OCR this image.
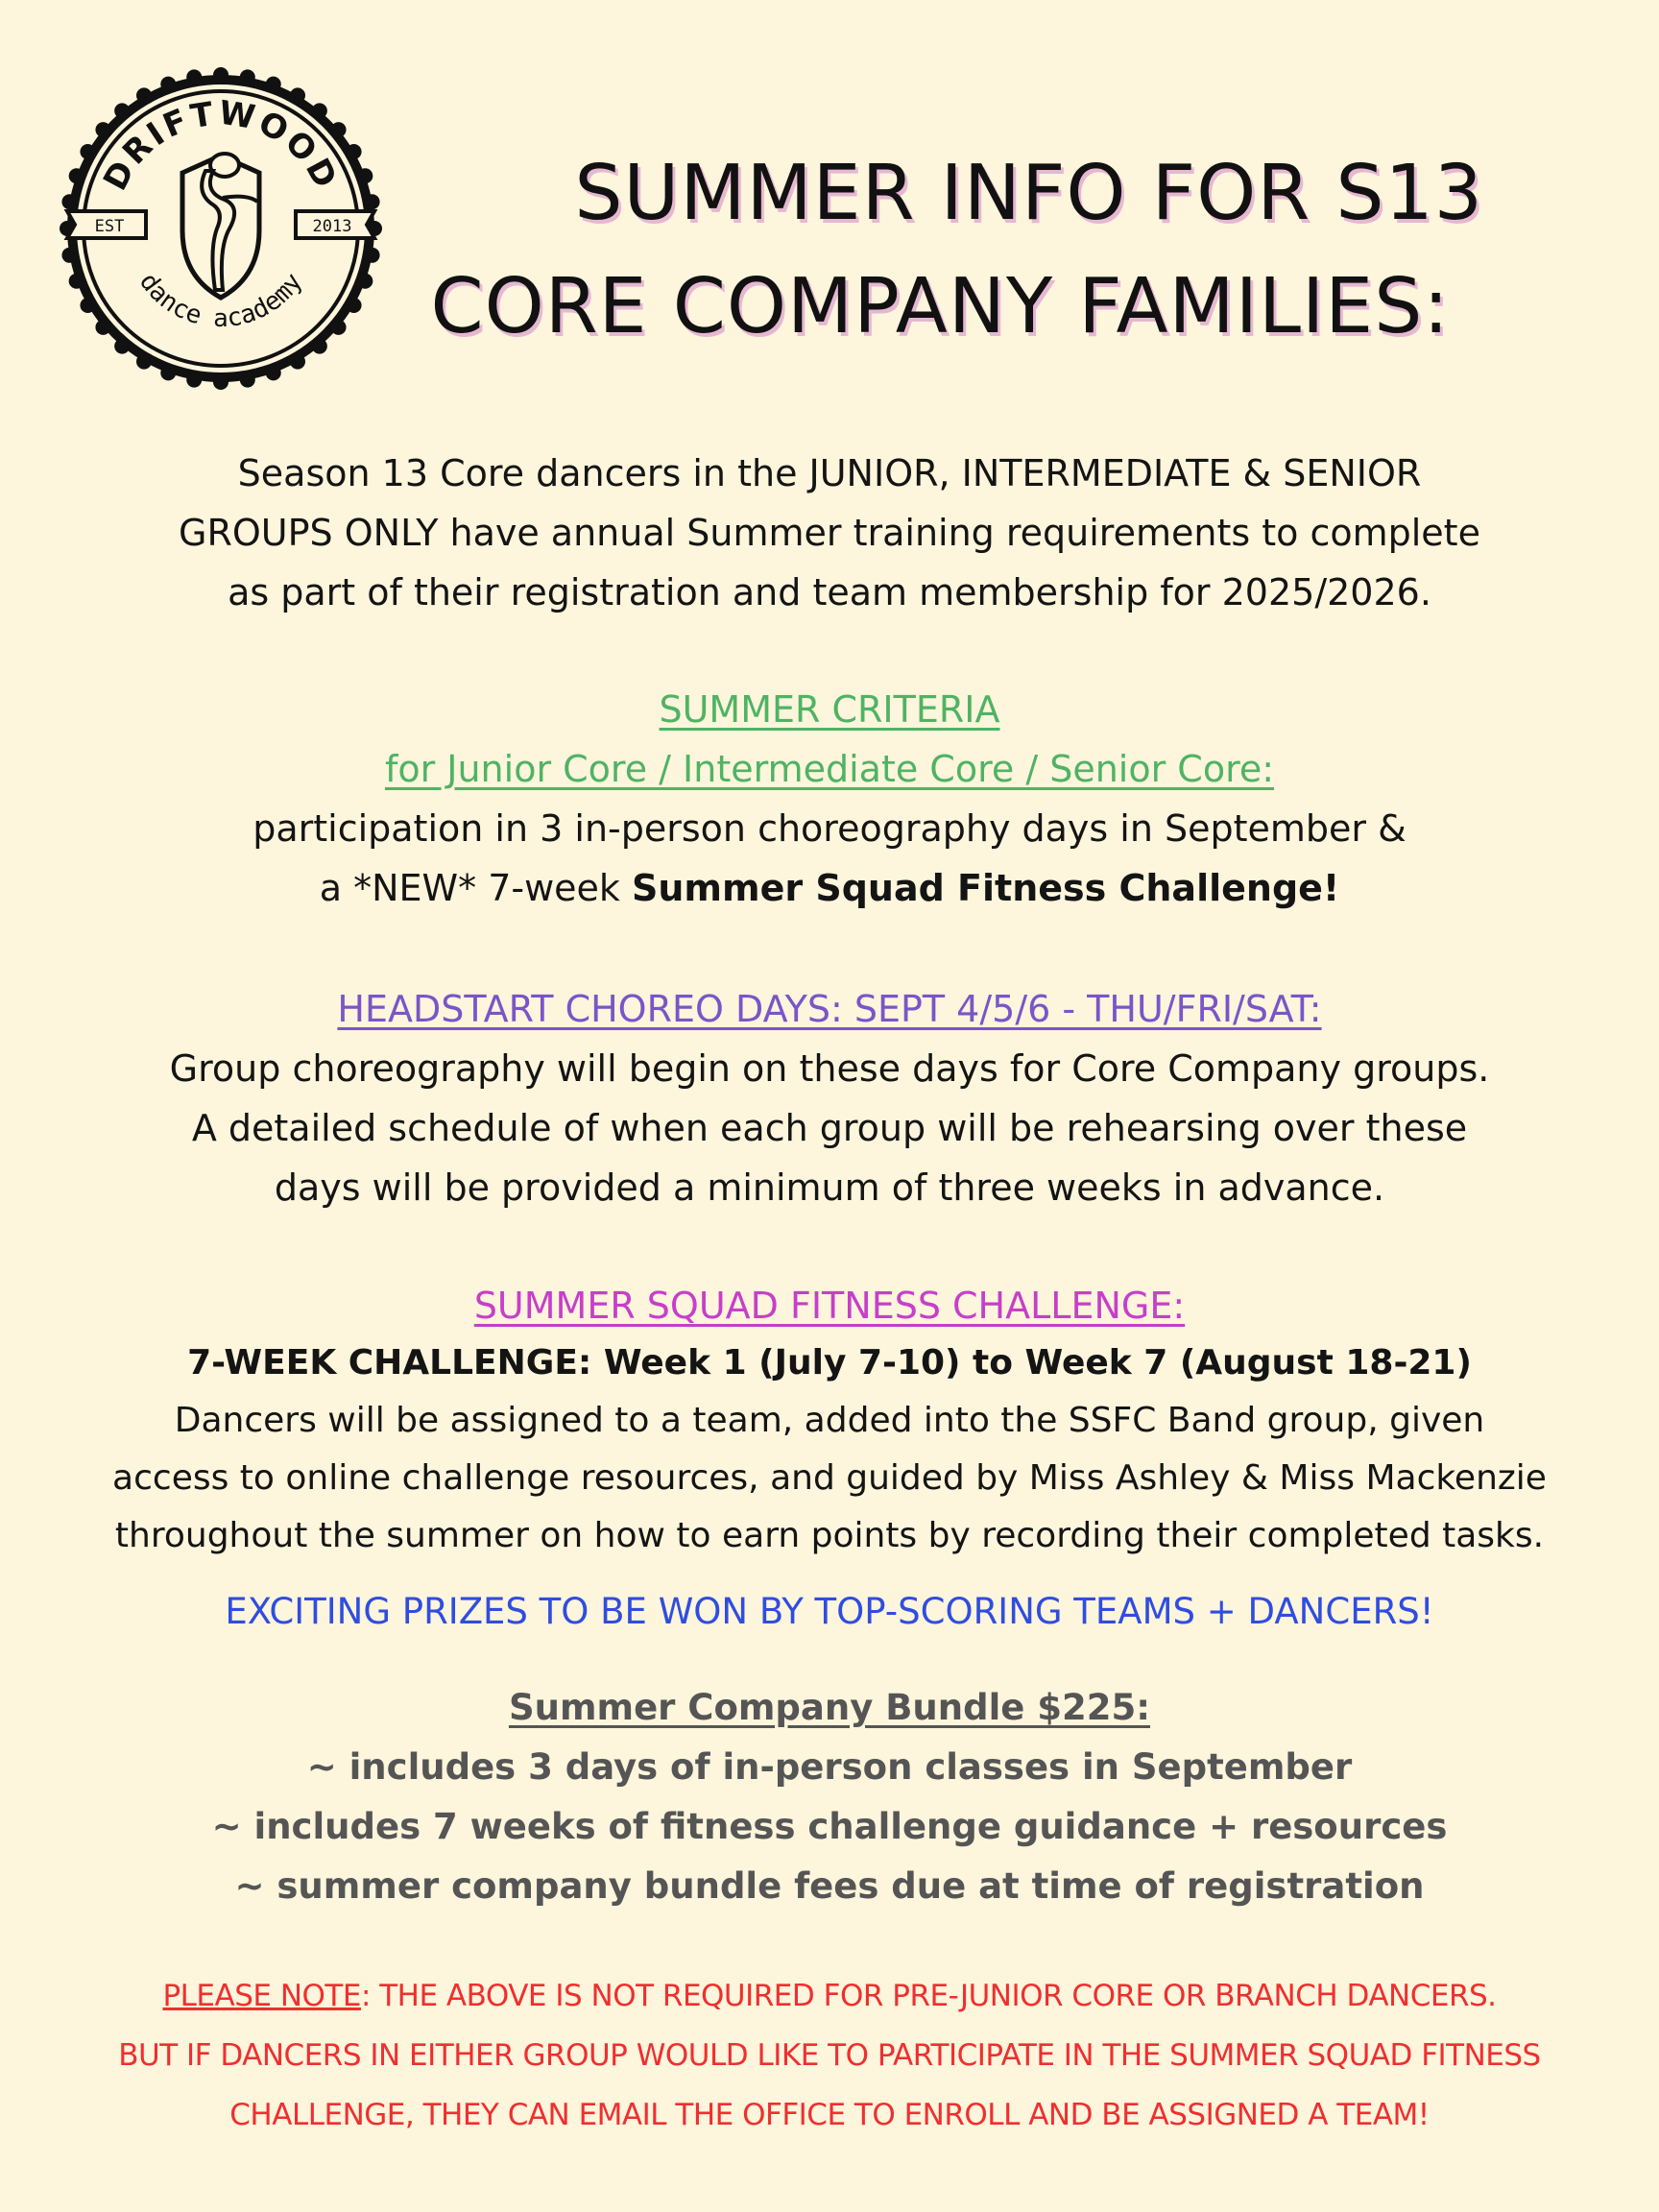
DRIFTWOOD
dance academy
EST	2013	SUMMER INFO FOR S13
CORE COMPANY FAMILIES:
Season 13 Core dancers in the JUNIOR, INTERMEDIATE & SENIOR
GROUPS ONLY have annual Summer training requirements to complete
as part of their registration and team membership for 2025/2026.
SUMMER CRITERIA
for Junior Core / Intermediate Core / Senior Core:
participation in 3 in-person choreography days in September &
a *NEW* 7-week Summer Squad Fitness Challenge!
HEADSTART CHOREO DAYS: SEPT 4/5/6 - THU/FRI/SAT:
Group choreography will begin on these days for Core Company groups.
A detailed schedule of when each group will be rehearsing over these
days will be provided a minimum of three weeks in advance.
SUMMER SQUAD FITNESS CHALLENGE:
7-WEEK CHALLENGE: Week 1 (July 7-10) to Week 7 (August 18-21)
Dancers will be assigned to a team, added into the SSFC Band group, given
access to online challenge resources, and guided by Miss Ashley & Miss Mackenzie
throughout the summer on how to earn points by recording their completed tasks.
EXCITING PRIZES TO BE WON BY TOP-SCORING TEAMS + DANCERS!
Summer Company Bundle $225:
~ includes 3 days of in-person classes in September
~ includes 7 weeks of fitness challenge guidance + resources
~ summer company bundle fees due at time of registration
PLEASE NOTE: THE ABOVE IS NOT REQUIRED FOR PRE-JUNIOR CORE OR BRANCH DANCERS.
BUT IF DANCERS IN EITHER GROUP WOULD LIKE TO PARTICIPATE IN THE SUMMER SQUAD FITNESS
CHALLENGE, THEY CAN EMAIL THE OFFICE TO ENROLL AND BE ASSIGNED A TEAM!
